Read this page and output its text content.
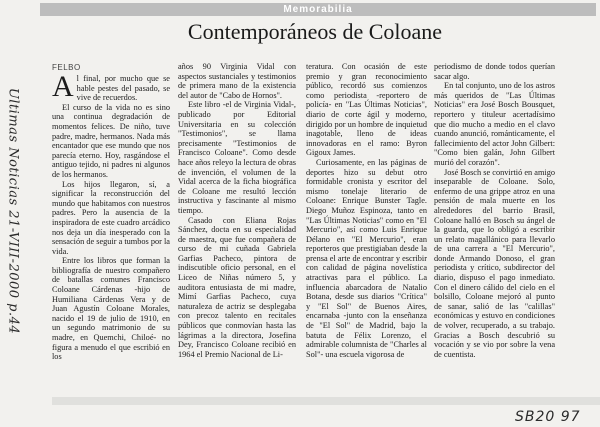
Ultimas Noticias 21-VIII-2000 p.44
Memorabilia
Contemporáneos de Coloane
FELBO

Al final, por mucho que se hable pestes del pasado, se vive de recuerdos.

El curso de la vida no es sino una continua degradación de momentos felices. De niño, tuve padre, madre, hermanos. Nada más encantador que ese mundo que nos parecía eterno. Hoy, rasgándose el antiguo tejido, ni padres ni algunos de los hermanos.

Los hijos llegaron, sí, a significar la reconstrucción del mundo que habitamos con nuestros padres. Pero la ausencia de la inspiradora de este cuadro arcádico nos deja un día inesperado con la sensación de seguir a tumbos por la vida.

Entre los libros que forman la bibliografía de nuestro compañero de batallas comunes Francisco Coloane Cárdenas -hijo de Humiliana Cárdenas Vera y de Juan Agustín Coloane Morales, nacido el 19 de julio de 1910, en un segundo matrimonio de su madre, en Quemchi, Chiloé- no figura a menudo el que escribió en los

años 90 Virginia Vidal con aspectos sustanciales y testimonios de primera mano de la existencia del autor de "Cabo de Hornos".

Este libro -el de Virginia Vidal-, publicado por Editorial Universitaria en su colección "Testimonios", se llama precisamente "Testimonios de Francisco Coloane". Como desde hace años releyo la lectura de obras de invención, el volumen de la Vidal acerca de la ficha biográfica de Coloane me resultó lección instructiva y fascinante al mismo tiempo.

Casado con Eliana Rojas Sánchez, docta en su especialidad de maestra, que fue compañera de curso de mi cuñada Gabriela Garfias Pacheco, pintora de indiscutible oficio personal, en el Liceo de Niñas número 5, y auditora entusiasta de mi madre, Mimí Garfias Pacheco, cuya naturaleza de actriz se desplegaba con precoz talento en recitales públicos que conmovían hasta las lágrimas a la directora, Josefina Dey, Francisco Coloane recibió en 1964 el Premio Nacional de Li-

teratura. Con ocasión de este premio y gran reconocimiento público, recordó sus comienzos como periodista -reportero de policía- en "Las Últimas Noticias", diario de corte ágil y moderno, dirigido por un hombre de inquietud inagotable, lleno de ideas innovadoras en el ramo: Byron Gigoux James.

Curiosamente, en las páginas de deportes hizo su debut otro formidable cronista y escritor del mismo tonelaje literario de Coloane: Enrique Bunster Tagle. Diego Muñoz Espinoza, tanto en "Las Últimas Noticias" como en "El Mercurio", así como Luis Enrique Délano en "El Mercurio", eran reporteros que prestigiaban desde la prensa el arte de encontrar y escribir con calidad de página novelística atractivas para el público. La influencia abarcadora de Natalio Botana, desde sus diarios "Crítica" y "El Sol" de Buenos Aires, encarnaba -junto con la enseñanza de "El Sol" de Madrid, bajo la batuta de Félix Lorenzo, el admirable columnista de "Charles al Sol"- una escuela vigorosa de

periodismo de donde todos querían sacar algo.

En tal conjunto, uno de los astros más queridos de "Las Últimas Noticias" era José Bosch Bousquet, reportero y tituleur acertadísimo que dio mucho a medio en el clavo cuando anunció, románticamente, el fallecimiento del actor John Gilbert: "Como bien galán, John Gilbert murió del corazón".

José Bosch se convirtió en amigo inseparable de Coloane. Solo, enfermo de una grippe atroz en una pensión de mala muerte en los alrededores del barrio Brasil, Coloane halló en Bosch su ángel de la guarda, que lo obligó a escribir un relato magallánico para llevarlo de una carrera a "El Mercurio", donde Armando Donoso, el gran periodista y crítico, subdirector del diario, dispuso el pago inmediato. Con el dinero cálido del cielo en el bolsillo, Coloane mejoró al punto de sanar, salió de las "calillas" económicas y estuvo en condiciones de volver, recuperado, a su trabajo. Gracias a Bosch descubrió su vocación y se vio por sobre la vena de cuentista.

SB20 97
